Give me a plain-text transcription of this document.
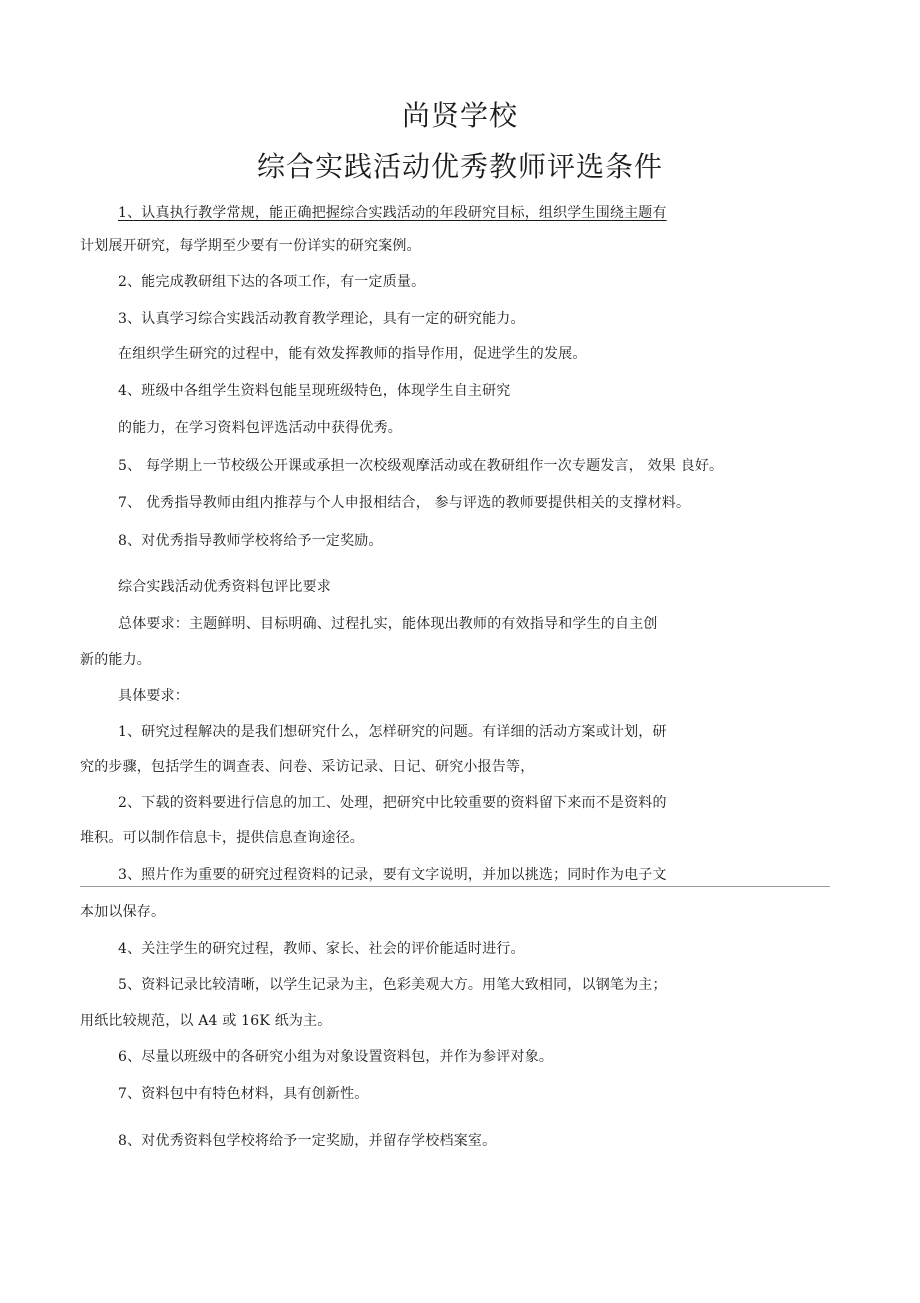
尚贤学校
综合实践活动优秀教师评选条件
1、认真执行教学常规，能正确把握综合实践活动的年段研究目标，组织学生围绕主题有
计划展开研究，每学期至少要有一份详实的研究案例。
2、能完成教研组下达的各项工作，有一定质量。
3、认真学习综合实践活动教育教学理论，具有一定的研究能力。
在组织学生研究的过程中，能有效发挥教师的指导作用，促进学生的发展。
4、班级中各组学生资料包能呈现班级特色，体现学生自主研究
的能力，在学习资料包评选活动中获得优秀。
5、 每学期上一节校级公开课或承担一次校级观摩活动或在教研组作一次专题发言， 效果 良好。
7、 优秀指导教师由组内推荐与个人申报相结合， 参与评选的教师要提供相关的支撑材料。
8、对优秀指导教师学校将给予一定奖励。
综合实践活动优秀资料包评比要求
总体要求：主题鲜明、目标明确、过程扎实，能体现出教师的有效指导和学生的自主创
新的能力。
具体要求：
1、研究过程解决的是我们想研究什么，怎样研究的问题。有详细的活动方案或计划，研
究的步骤，包括学生的调查表、问卷、采访记录、日记、研究小报告等，
2、下载的资料要进行信息的加工、处理，把研究中比较重要的资料留下来而不是资料的
堆积。可以制作信息卡，提供信息查询途径。
3、照片作为重要的研究过程资料的记录，要有文字说明，并加以挑选；同时作为电子文
本加以保存。
4、关注学生的研究过程，教师、家长、社会的评价能适时进行。
5、资料记录比较清晰，以学生记录为主，色彩美观大方。用笔大致相同，以钢笔为主；
用纸比较规范，以 A4 或 16K 纸为主。
6、尽量以班级中的各研究小组为对象设置资料包，并作为参评对象。
7、资料包中有特色材料，具有创新性。
8、对优秀资料包学校将给予一定奖励，并留存学校档案室。
